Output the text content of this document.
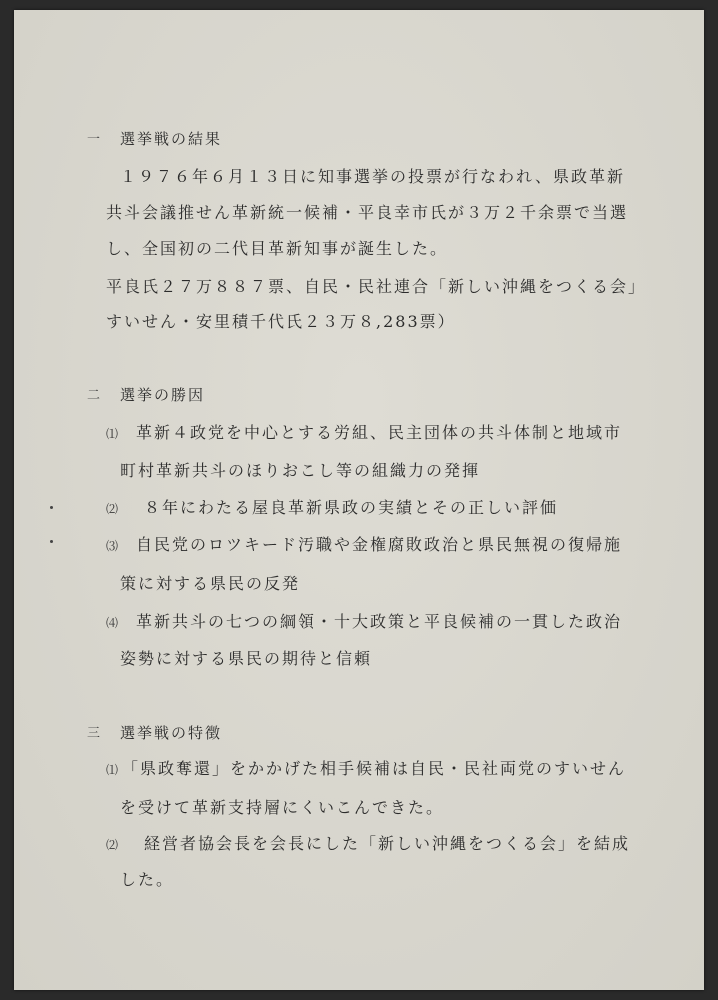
一 選挙戦の結果
１９７６年６月１３日に知事選挙の投票が行なわれ、県政革新
共斗会議推せん革新統一候補・平良幸市氏が３万２千余票で当選
し、全国初の二代目革新知事が誕生した。
平良氏２７万８８７票、自民・民社連合「新しい沖縄をつくる会」
すいせん・安里積千代氏２３万８,283票）
二 選挙の勝因
⑴ 革新４政党を中心とする労組、民主団体の共斗体制と地域市
町村革新共斗のほりおこし等の組織力の発揮
⑵ ８年にわたる屋良革新県政の実績とその正しい評価
⑶ 自民党のロツキード汚職や金権腐敗政治と県民無視の復帰施
策に対する県民の反発
⑷ 革新共斗の七つの綱領・十大政策と平良候補の一貫した政治
姿勢に対する県民の期待と信頼
三 選挙戦の特徴
⑴ 「県政奪還」をかかげた相手候補は自民・民社両党のすいせん
を受けて革新支持層にくいこんできた。
⑵ 経営者協会長を会長にした「新しい沖縄をつくる会」を結成
した。
